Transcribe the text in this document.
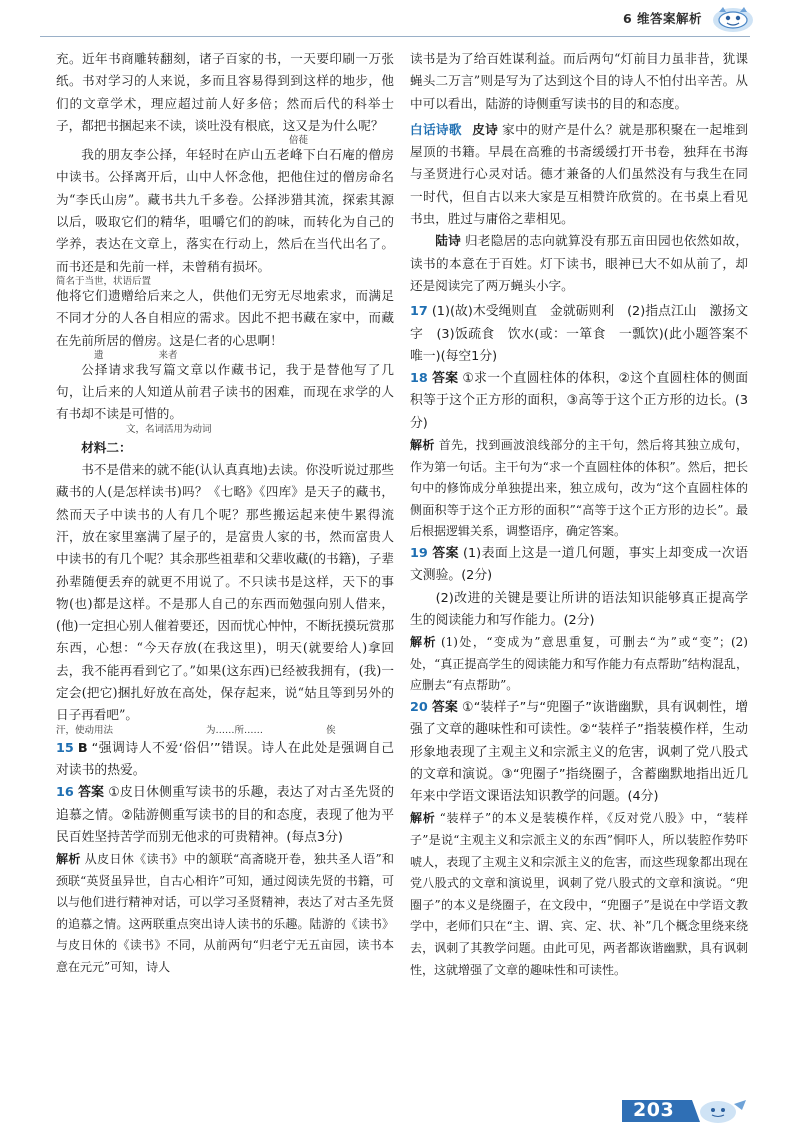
6 维答案解析

充。近年书商雕转翻刻，诸子百家的书，一天要印刷一万张纸。书对学习的人来说，多而且容易得到到这样的地步，他们的文章学术，理应超过前人好多倍；然而后代的科举士子，都把书捆起来不读，谈吐没有根底，这又是为什么呢？

倍蓰

我的朋友李公择，年轻时在庐山五老峰下白石庵的僧房中读书。公择离开后，山中人怀念他，把他住过的僧房命名为“李氏山房”。藏书共九千多卷。公择涉猎其流，探索其源以后，吸取它们的精华，咀嚼它们的韵味，而转化为自己的学养，表达在文章上，落实在行动上，然后在当代出名了。而书还是和先前一样，未曾稍有损坏。

简名于当世，状语后置

他将它们遗赠给后来之人，供他们无穷无尽地索求，而满足不同才分的人各自相应的需求。因此不把书藏在家中，而藏在先前所居的僧房。这是仁者的心思啊！

遗	来者

公择请求我写篇文章以作藏书记，我于是替他写了几句，让后来的人知道从前君子读书的困难，而现在求学的人有书却不读是可惜的。

文，名词活用为动词

材料二：

书不是借来的就不能(认认真真地)去读。你没听说过那些藏书的人(是怎样读书)吗？《七略》《四库》是天子的藏书，然而天子中读书的人有几个呢？那些搬运起来使牛累得流汗，放在家里塞满了屋子的，是富贵人家的书，然而富贵人中读书的有几个呢？其余那些祖辈和父辈收藏(的书籍)，子辈孙辈随便丢弃的就更不用说了。不只读书是这样，天下的事物(也)都是这样。不是那人自己的东西而勉强向别人借来，(他)一定担心别人催着要还，因而忧心忡忡，不断抚摸玩赏那东西，心想：“今天存放(在我这里)，明天(就要给人)拿回去，我不能再看到它了。”如果(这东西)已经被我拥有，(我)一定会(把它)捆扎好放在高处，保存起来，说“姑且等到另外的日子再看吧”。

汗，使动用法	为……所……	俟

15 B “强调诗人不爱‘俗侣’”错误。诗人在此处是强调自己对读书的热爱。

16 答案 ①皮日休侧重写读书的乐趣，表达了对古圣先贤的追慕之情。②陆游侧重写读书的目的和态度，表现了他为平民百姓坚持苦学而别无他求的可贵精神。(每点3分)

解析 从皮日休《读书》中的颔联“高斋晓开卷，独共圣人语”和颈联“英贤虽异世，自古心相许”可知，通过阅读先贤的书籍，可以与他们进行精神对话，可以学习圣贤精神，表达了对古圣先贤的追慕之情。这两联重点突出诗人读书的乐趣。陆游的《读书》与皮日休的《读书》不同，从前两句“归老宁无五亩园，读书本意在元元”可知，诗人

读书是为了给百姓谋利益。而后两句“灯前目力虽非昔，犹课蝇头二万言”则是写为了达到这个目的诗人不怕付出辛苦。从中可以看出，陆游的诗侧重写读书的目的和态度。

白话诗歌 皮诗 家中的财产是什么？就是那积聚在一起堆到屋顶的书籍。早晨在高雅的书斋缓缓打开书卷，独拜在书海与圣贤进行心灵对话。德才兼备的人们虽然没有与我生在同一时代，但自古以来大家是互相赞许欣赏的。在书桌上看见书虫，胜过与庸俗之辈相见。

陆诗 归老隐居的志向就算没有那五亩田园也依然如故，读书的本意在于百姓。灯下读书，眼神已大不如从前了，却还是阅读完了两万蝇头小字。

17 (1)(故)木受绳则直　金就砺则利　(2)指点江山　激扬文字　(3)饭疏食　饮水(或：一箪食　一瓢饮)(此小题答案不唯一)(每空1分)

18 答案 ①求一个直圆柱体的体积，②这个直圆柱体的侧面积等于这个正方形的面积，③高等于这个正方形的边长。(3分)

解析 首先，找到画波浪线部分的主干句，然后将其独立成句，作为第一句话。主干句为“求一个直圆柱体的体积”。然后，把长句中的修饰成分单独提出来，独立成句，改为“这个直圆柱体的侧面积等于这个正方形的面积”“高等于这个正方形的边长”。最后根据逻辑关系，调整语序，确定答案。

19 答案 (1)表面上这是一道几何题，事实上却变成一次语文测验。(2分)

(2)改进的关键是要让所讲的语法知识能够真正提高学生的阅读能力和写作能力。(2分)

解析 (1)处，“变成为”意思重复，可删去“为”或“变”；(2)处，“真正提高学生的阅读能力和写作能力有点帮助”结构混乱，应删去“有点帮助”。

20 答案 ①“装样子”与“兜圈子”诙谐幽默，具有讽刺性，增强了文章的趣味性和可读性。②“装样子”指装模作样，生动形象地表现了主观主义和宗派主义的危害，讽刺了党八股式的文章和演说。③“兜圈子”指绕圈子，含蓄幽默地指出近几年来中学语文课语法知识教学的问题。(4分)

解析 “装样子”的本义是装模作样，《反对党八股》中，“装样子”是说“主观主义和宗派主义的东西”恫吓人，所以装腔作势吓唬人，表现了主观主义和宗派主义的危害，而这些现象都出现在党八股式的文章和演说里，讽刺了党八股式的文章和演说。“兜圈子”的本义是绕圈子，在文段中，“兜圈子”是说在中学语文教学中，老师们只在“主、谓、宾、定、状、补”几个概念里绕来绕去，讽刺了其教学问题。由此可见，两者都诙谐幽默，具有讽刺性，这就增强了文章的趣味性和可读性。

203
